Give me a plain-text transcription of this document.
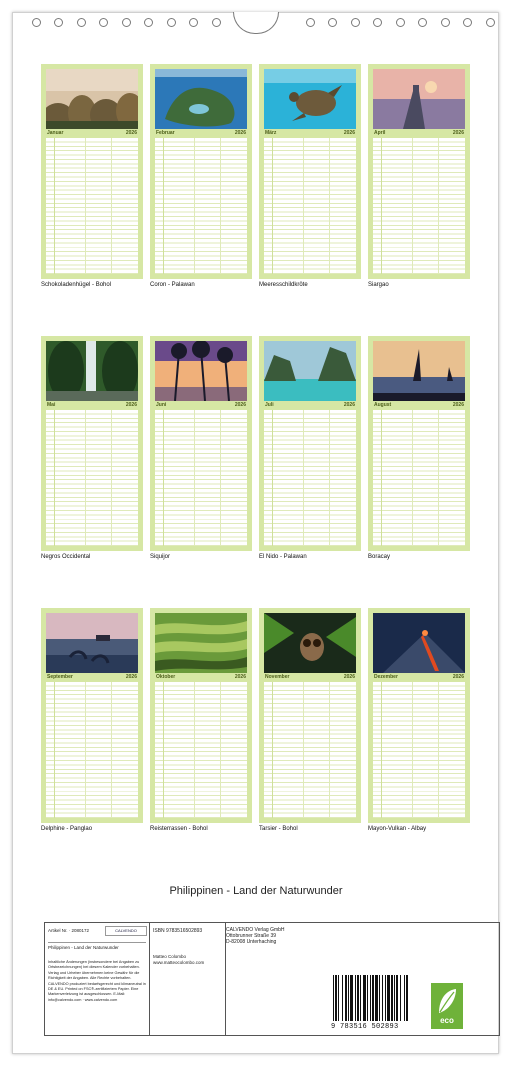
Januar	2026
Schokoladenhügel - Bohol
Februar	2026
Coron - Palawan
März	2026
Meeresschildkröte
April	2026
Siargao
Mai	2026
Negros Occidental
Juni	2026
Siquijor
Juli	2026
El Nido - Palawan
August	2026
Boracay
September	2026
Delphine - Panglao
Oktober	2026
Reisterrassen - Bohol
November	2026
Tarsier - Bohol
Dezember	2026
Mayon-Vulkan - Albay
Philippinen - Land der Naturwunder
Artikel Nr. · 2080172	CALVENDO
Philippinen - Land der Naturwunder
Inhaltliche Änderungen (insbesondere bei Angaben zu Ortsbezeichnungen) bei diesem Kalender vorbehalten. Verlag und Urheber übernehmen keine Gewähr für die Richtigkeit der Angaben. Alle Rechte vorbehalten. CALVENDO produziert bedarfsgerecht und klimaneutral in DE & EU. Printed on FSC®-zertifiziertem Papier. Eine Markenverletzung ist ausgeschlossen. E-Mail: info@calvendo.com · www.calvendo.com
ISBN 9783516502893
Matteo Colombo
www.matteocolombo.com
CALVENDO Verlag GmbH
Ottobrunner Straße 39
D-82008 Unterhaching
9 783516 502893
eco
